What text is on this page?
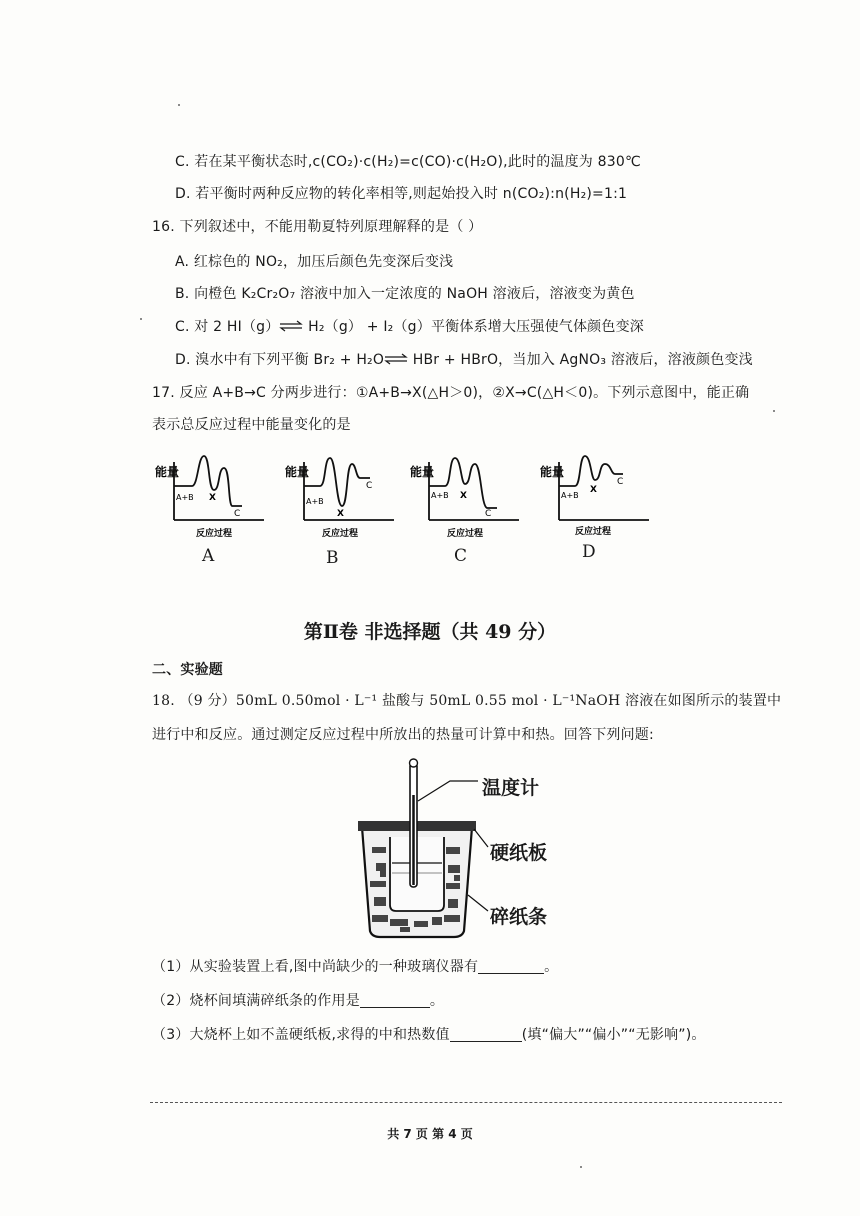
C. 若在某平衡状态时,c(CO₂)·c(H₂)=c(CO)·c(H₂O),此时的温度为 830℃
D. 若平衡时两种反应物的转化率相等,则起始投入时 n(CO₂):n(H₂)=1:1
16. 下列叙述中，不能用勒夏特列原理解释的是（ ）
A. 红棕色的 NO₂，加压后颜色先变深后变浅
B. 向橙色 K₂Cr₂O₇ 溶液中加入一定浓度的 NaOH 溶液后，溶液变为黄色
C. 对 2 HI（g）⇌ H₂（g） + I₂（g）平衡体系增大压强使气体颜色变深
D. 溴水中有下列平衡 Br₂ + H₂O⇌ HBr + HBrO，当加入 AgNO₃ 溶液后，溶液颜色变浅
17. 反应 A+B→C 分两步进行：①A+B→X(△H＞0)，②X→C(△H＜0)。下列示意图中，能正确
表示总反应过程中能量变化的是
能量
A+B X
C
反应过程
A
能量
A+B
X
C
反应过程
B
能量
A+B X
C
反应过程
C
能量
A+B
X
C
反应过程
D
第Ⅱ卷 非选择题（共 49 分）
二、实验题
18. （9 分）50mL 0.50mol · L⁻¹ 盐酸与 50mL 0.55 mol · L⁻¹NaOH 溶液在如图所示的装置中
进行中和反应。通过测定反应过程中所放出的热量可计算中和热。回答下列问题:
温度计
硬纸板
碎纸条
（1）从实验装置上看,图中尚缺少的一种玻璃仪器有	。
（2）烧杯间填满碎纸条的作用是	。
（3）大烧杯上如不盖硬纸板,求得的中和热数值	(填“偏大”“偏小”“无影响”)。
共 7 页 第 4 页
